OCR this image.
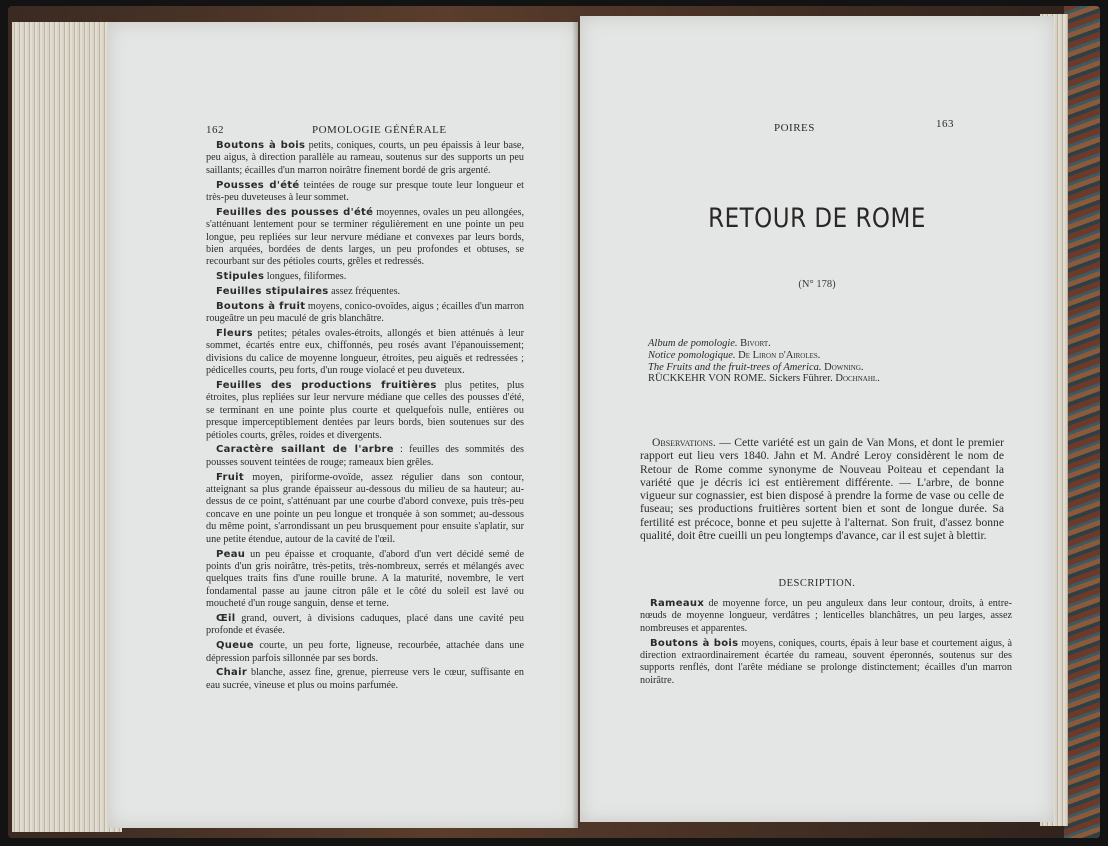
162	POMOLOGIE GÉNÉRALE

Boutons à bois petits, coniques, courts, un peu épaissis à leur base, peu aigus, à direction parallèle au rameau, soutenus sur des supports un peu saillants; écailles d'un marron noirâtre finement bordé de gris argenté.

Pousses d'été teintées de rouge sur presque toute leur longueur et très-peu duveteuses à leur sommet.

Feuilles des pousses d'été moyennes, ovales un peu allongées, s'atténuant lentement pour se terminer régulièrement en une pointe un peu longue, peu repliées sur leur nervure médiane et convexes par leurs bords, bien arquées, bordées de dents larges, un peu profondes et obtuses, se recourbant sur des pétioles courts, grêles et redressés.

Stipules longues, filiformes.

Feuilles stipulaires assez fréquentes.

Boutons à fruit moyens, conico-ovoïdes, aigus ; écailles d'un marron rougeâtre un peu maculé de gris blanchâtre.

Fleurs petites; pétales ovales-étroits, allongés et bien atténués à leur sommet, écartés entre eux, chiffonnés, peu rosés avant l'épanouissement; divisions du calice de moyenne longueur, étroites, peu aiguës et redressées ; pédicelles courts, peu forts, d'un rouge violacé et peu duveteux.

Feuilles des productions fruitières plus petites, plus étroites, plus repliées sur leur nervure médiane que celles des pousses d'été, se terminant en une pointe plus courte et quelquefois nulle, entières ou presque imperceptiblement dentées par leurs bords, bien soutenues sur des pétioles courts, grêles, roides et divergents.

Caractère saillant de l'arbre : feuilles des sommités des pousses souvent teintées de rouge; rameaux bien grêles.

Fruit moyen, piriforme-ovoïde, assez régulier dans son contour, atteignant sa plus grande épaisseur au-dessous du milieu de sa hauteur; au-dessus de ce point, s'atténuant par une courbe d'abord convexe, puis très-peu concave en une pointe un peu longue et tronquée à son sommet; au-dessous du même point, s'arrondissant un peu brusquement pour ensuite s'aplatir, sur une petite étendue, autour de la cavité de l'œil.

Peau un peu épaisse et croquante, d'abord d'un vert décidé semé de points d'un gris noirâtre, très-petits, très-nombreux, serrés et mélangés avec quelques traits fins d'une rouille brune. A la maturité, novembre, le vert fondamental passe au jaune citron pâle et le côté du soleil est lavé ou moucheté d'un rouge sanguin, dense et terne.

Œil grand, ouvert, à divisions caduques, placé dans une cavité peu profonde et évasée.

Queue courte, un peu forte, ligneuse, recourbée, attachée dans une dépression parfois sillonnée par ses bords.

Chair blanche, assez fine, grenue, pierreuse vers le cœur, suffisante en eau sucrée, vineuse et plus ou moins parfumée.

POIRES	163
RETOUR DE ROME
(N° 178)
Album de pomologie. Bivort.
Notice pomologique. De Liron d'Airoles.
The Fruits and the fruit-trees of America. Downing.
RÜCKKEHR VON ROME. Sickers Führer. Dochnahl.

Observations. — Cette variété est un gain de Van Mons, et dont le premier rapport eut lieu vers 1840. Jahn et M. André Leroy considèrent le nom de Retour de Rome comme synonyme de Nouveau Poiteau et cependant la variété que je décris ici est entièrement différente. — L'arbre, de bonne vigueur sur cognassier, est bien disposé à prendre la forme de vase ou celle de fuseau; ses productions fruitières sortent bien et sont de longue durée. Sa fertilité est précoce, bonne et peu sujette à l'alternat. Son fruit, d'assez bonne qualité, doit être cueilli un peu longtemps d'avance, car il est sujet à blettir.

DESCRIPTION.

Rameaux de moyenne force, un peu anguleux dans leur contour, droits, à entre-nœuds de moyenne longueur, verdâtres ; lenticelles blanchâtres, un peu larges, assez nombreuses et apparentes.

Boutons à bois moyens, coniques, courts, épais à leur base et courtement aigus, à direction extraordinairement écartée du rameau, souvent éperonnés, soutenus sur des supports renflés, dont l'arête médiane se prolonge distinctement; écailles d'un marron noirâtre.
